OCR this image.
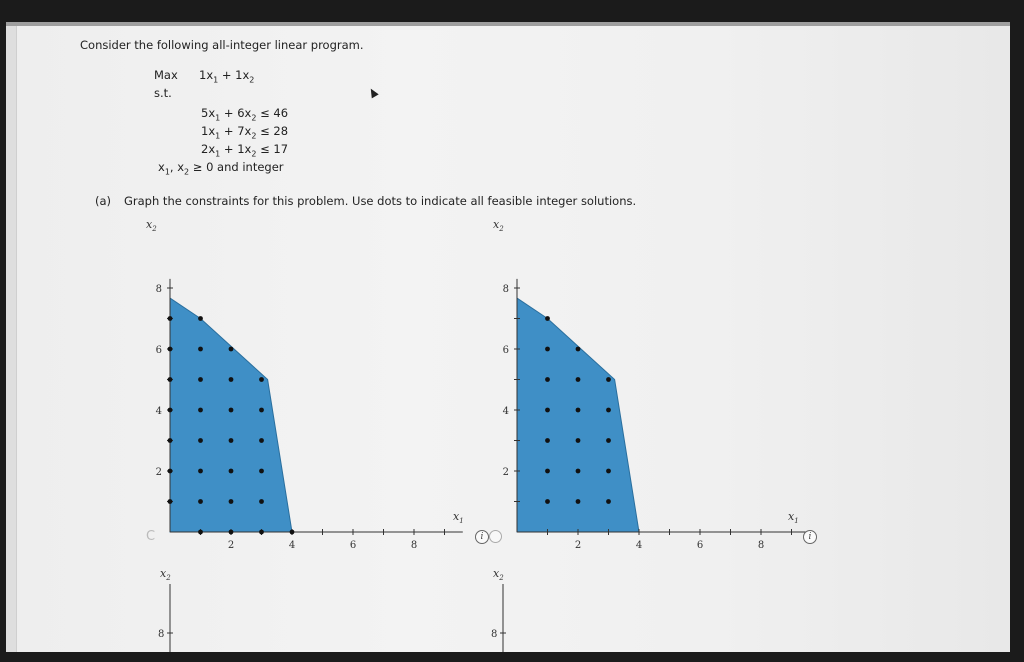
Consider the following all-integer linear program.
Max $1x_1 + 1x_2$
s.t.
$5x_1 + 6x_2 \le 46$
$1x_1 + 7x_2 \le 28$
$2x_1 + 1x_2 \le 17$
$x_1$, $x_2 \ge 0$ and integer
(a) Graph the constraints for this problem. Use dots to indicate all feasible integer solutions.
$x_2$
2	4	6	8
2
4
6
8
$x_1$
i
$x_2$
2	4	6	8
2
4
6
8
$x_1$
i
C
$x_2$
8
$x_2$
8
